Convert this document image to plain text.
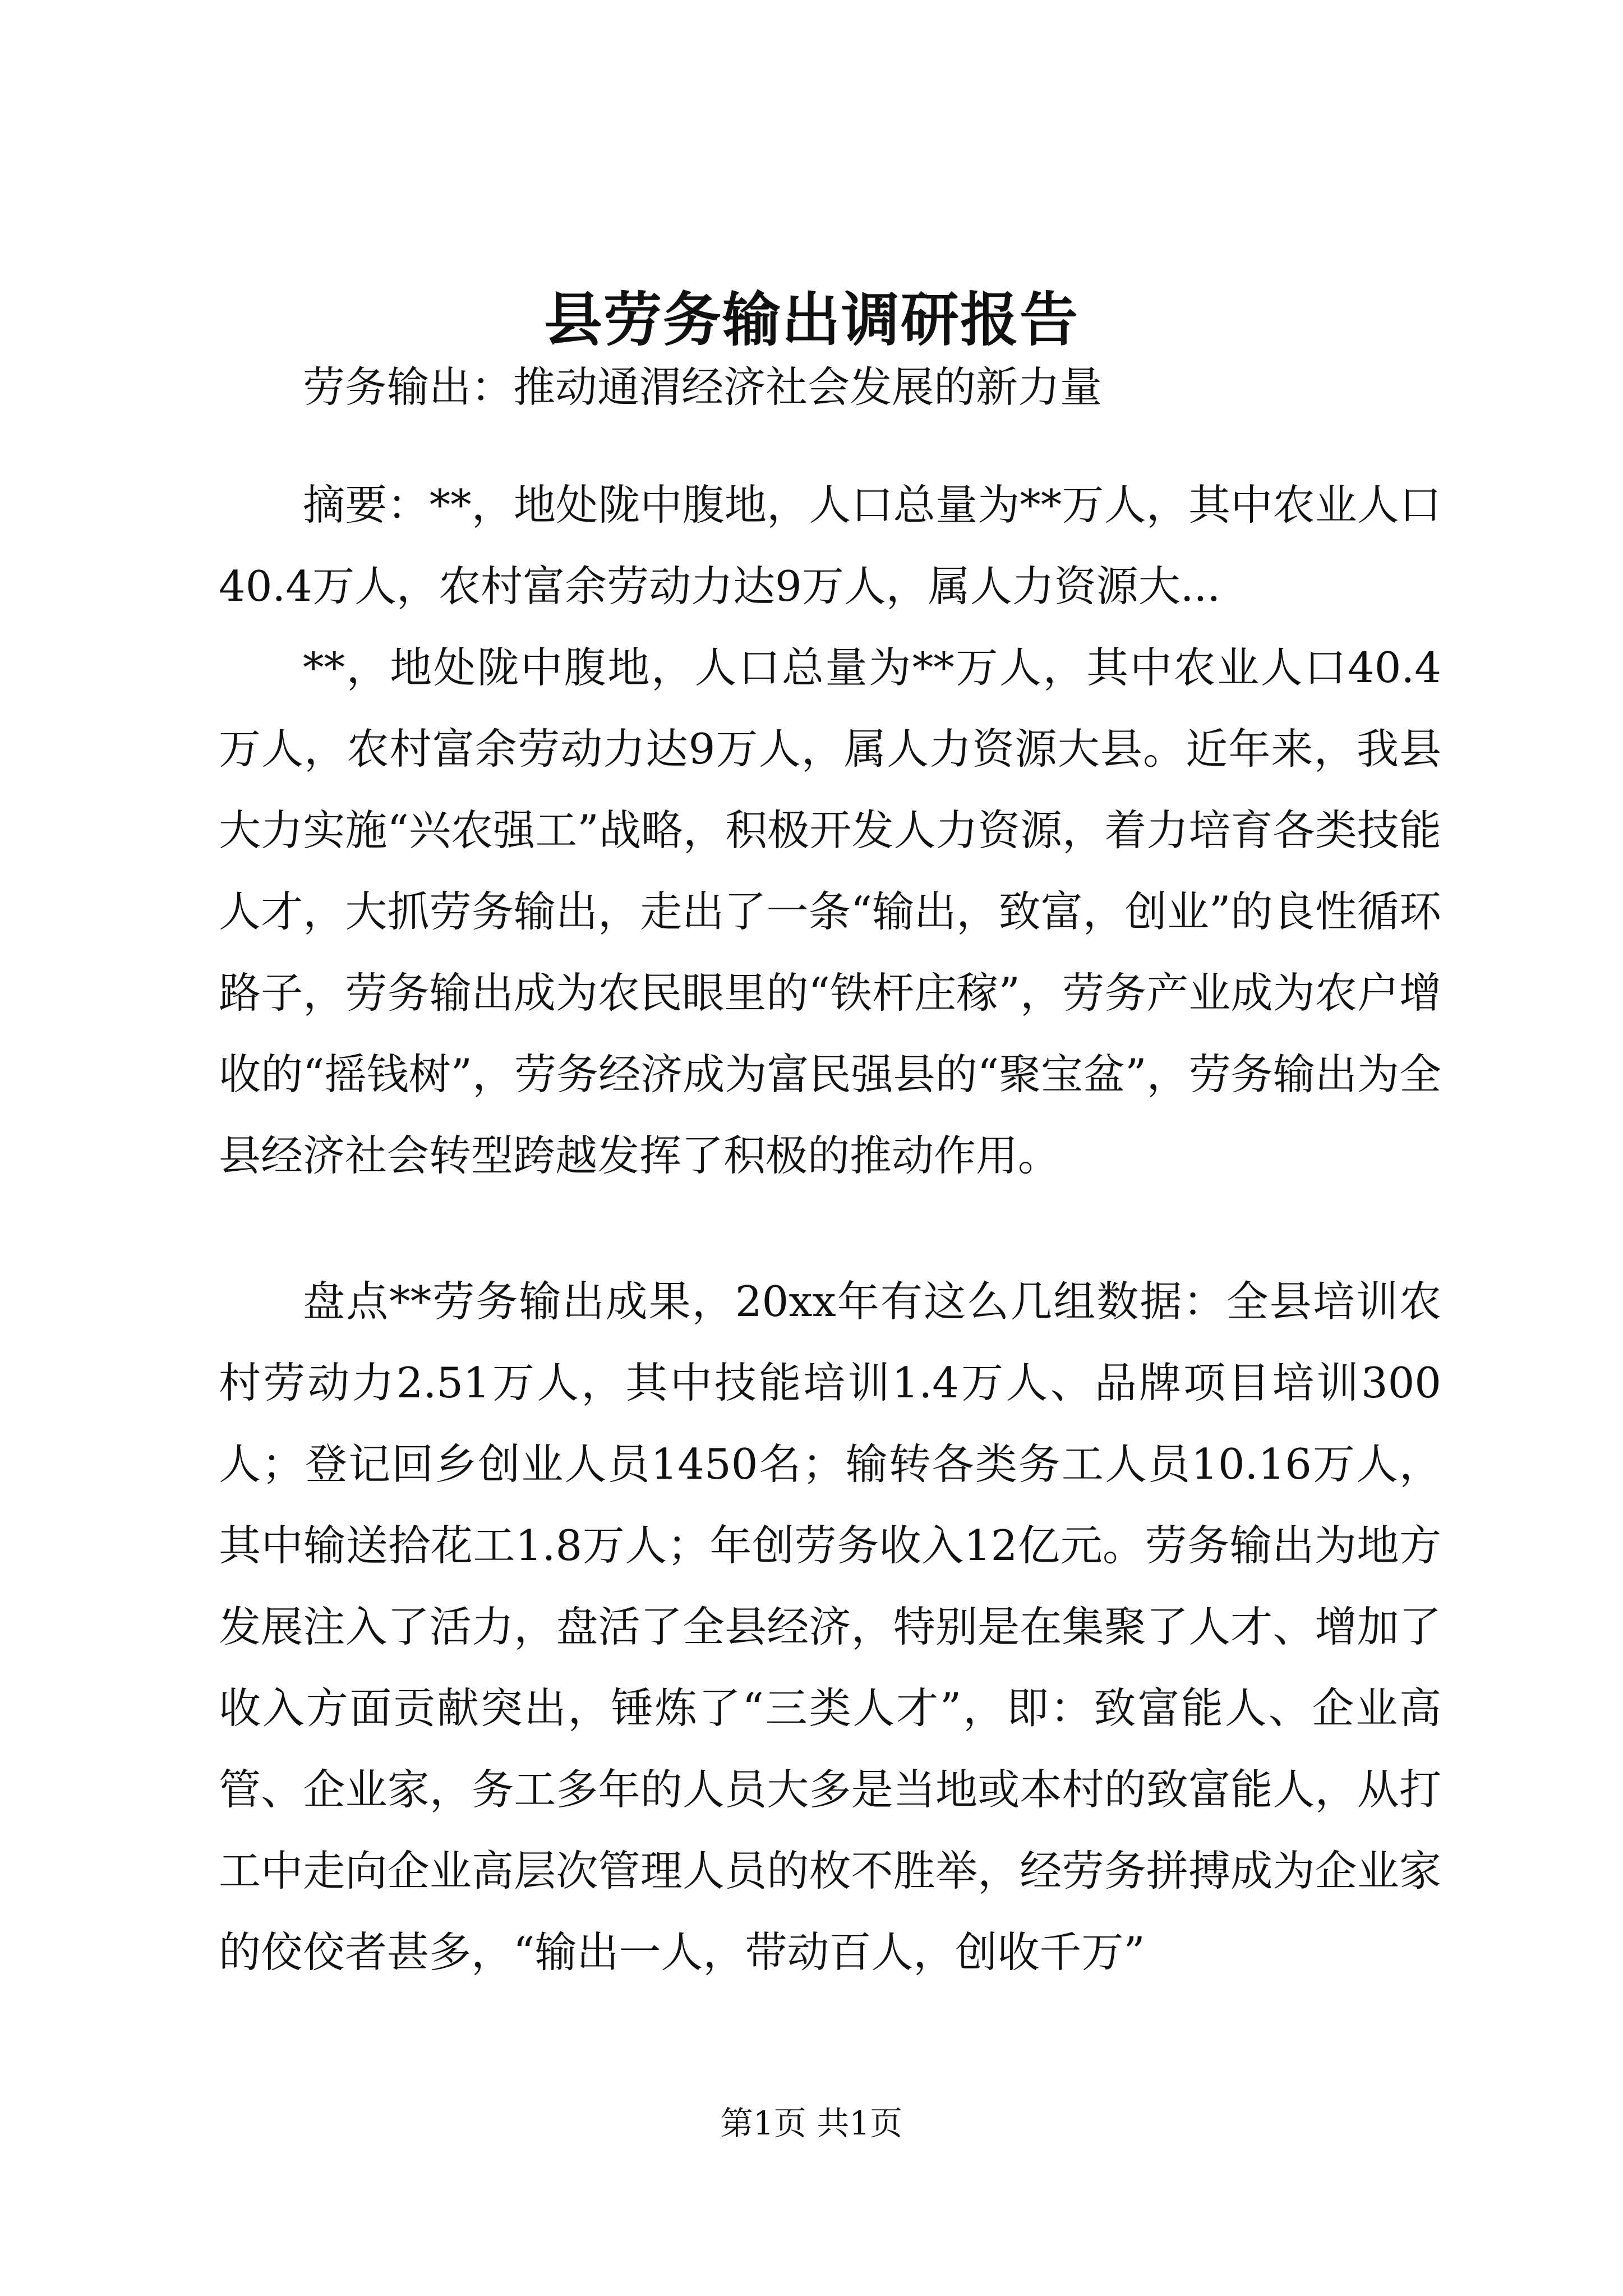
县劳务输出调研报告

劳务输出：推动通渭经济社会发展的新力量

摘要：**，地处陇中腹地，人口总量为**万人，其中农业人口40.4万人，农村富余劳动力达9万人，属人力资源大...

**，地处陇中腹地，人口总量为**万人，其中农业人口40.4万人，农村富余劳动力达9万人，属人力资源大县。近年来，我县大力实施“兴农强工”战略，积极开发人力资源，着力培育各类技能人才，大抓劳务输出，走出了一条“输出，致富，创业”的良性循环路子，劳务输出成为农民眼里的“铁杆庄稼”，劳务产业成为农户增收的“摇钱树”，劳务经济成为富民强县的“聚宝盆”，劳务输出为全县经济社会转型跨越发挥了积极的推动作用。

盘点**劳务输出成果，20xx年有这么几组数据：全县培训农村劳动力2.51万人，其中技能培训1.4万人、品牌项目培训300人；登记回乡创业人员1450名；输转各类务工人员10.16万人，其中输送拾花工1.8万人；年创劳务收入12亿元。劳务输出为地方发展注入了活力，盘活了全县经济，特别是在集聚了人才、增加了收入方面贡献突出，锤炼了“三类人才”，即：致富能人、企业高管、企业家，务工多年的人员大多是当地或本村的致富能人，从打工中走向企业高层次管理人员的枚不胜举，经劳务拼搏成为企业家的佼佼者甚多，“输出一人，带动百人，创收千万”

第1页 共1页
